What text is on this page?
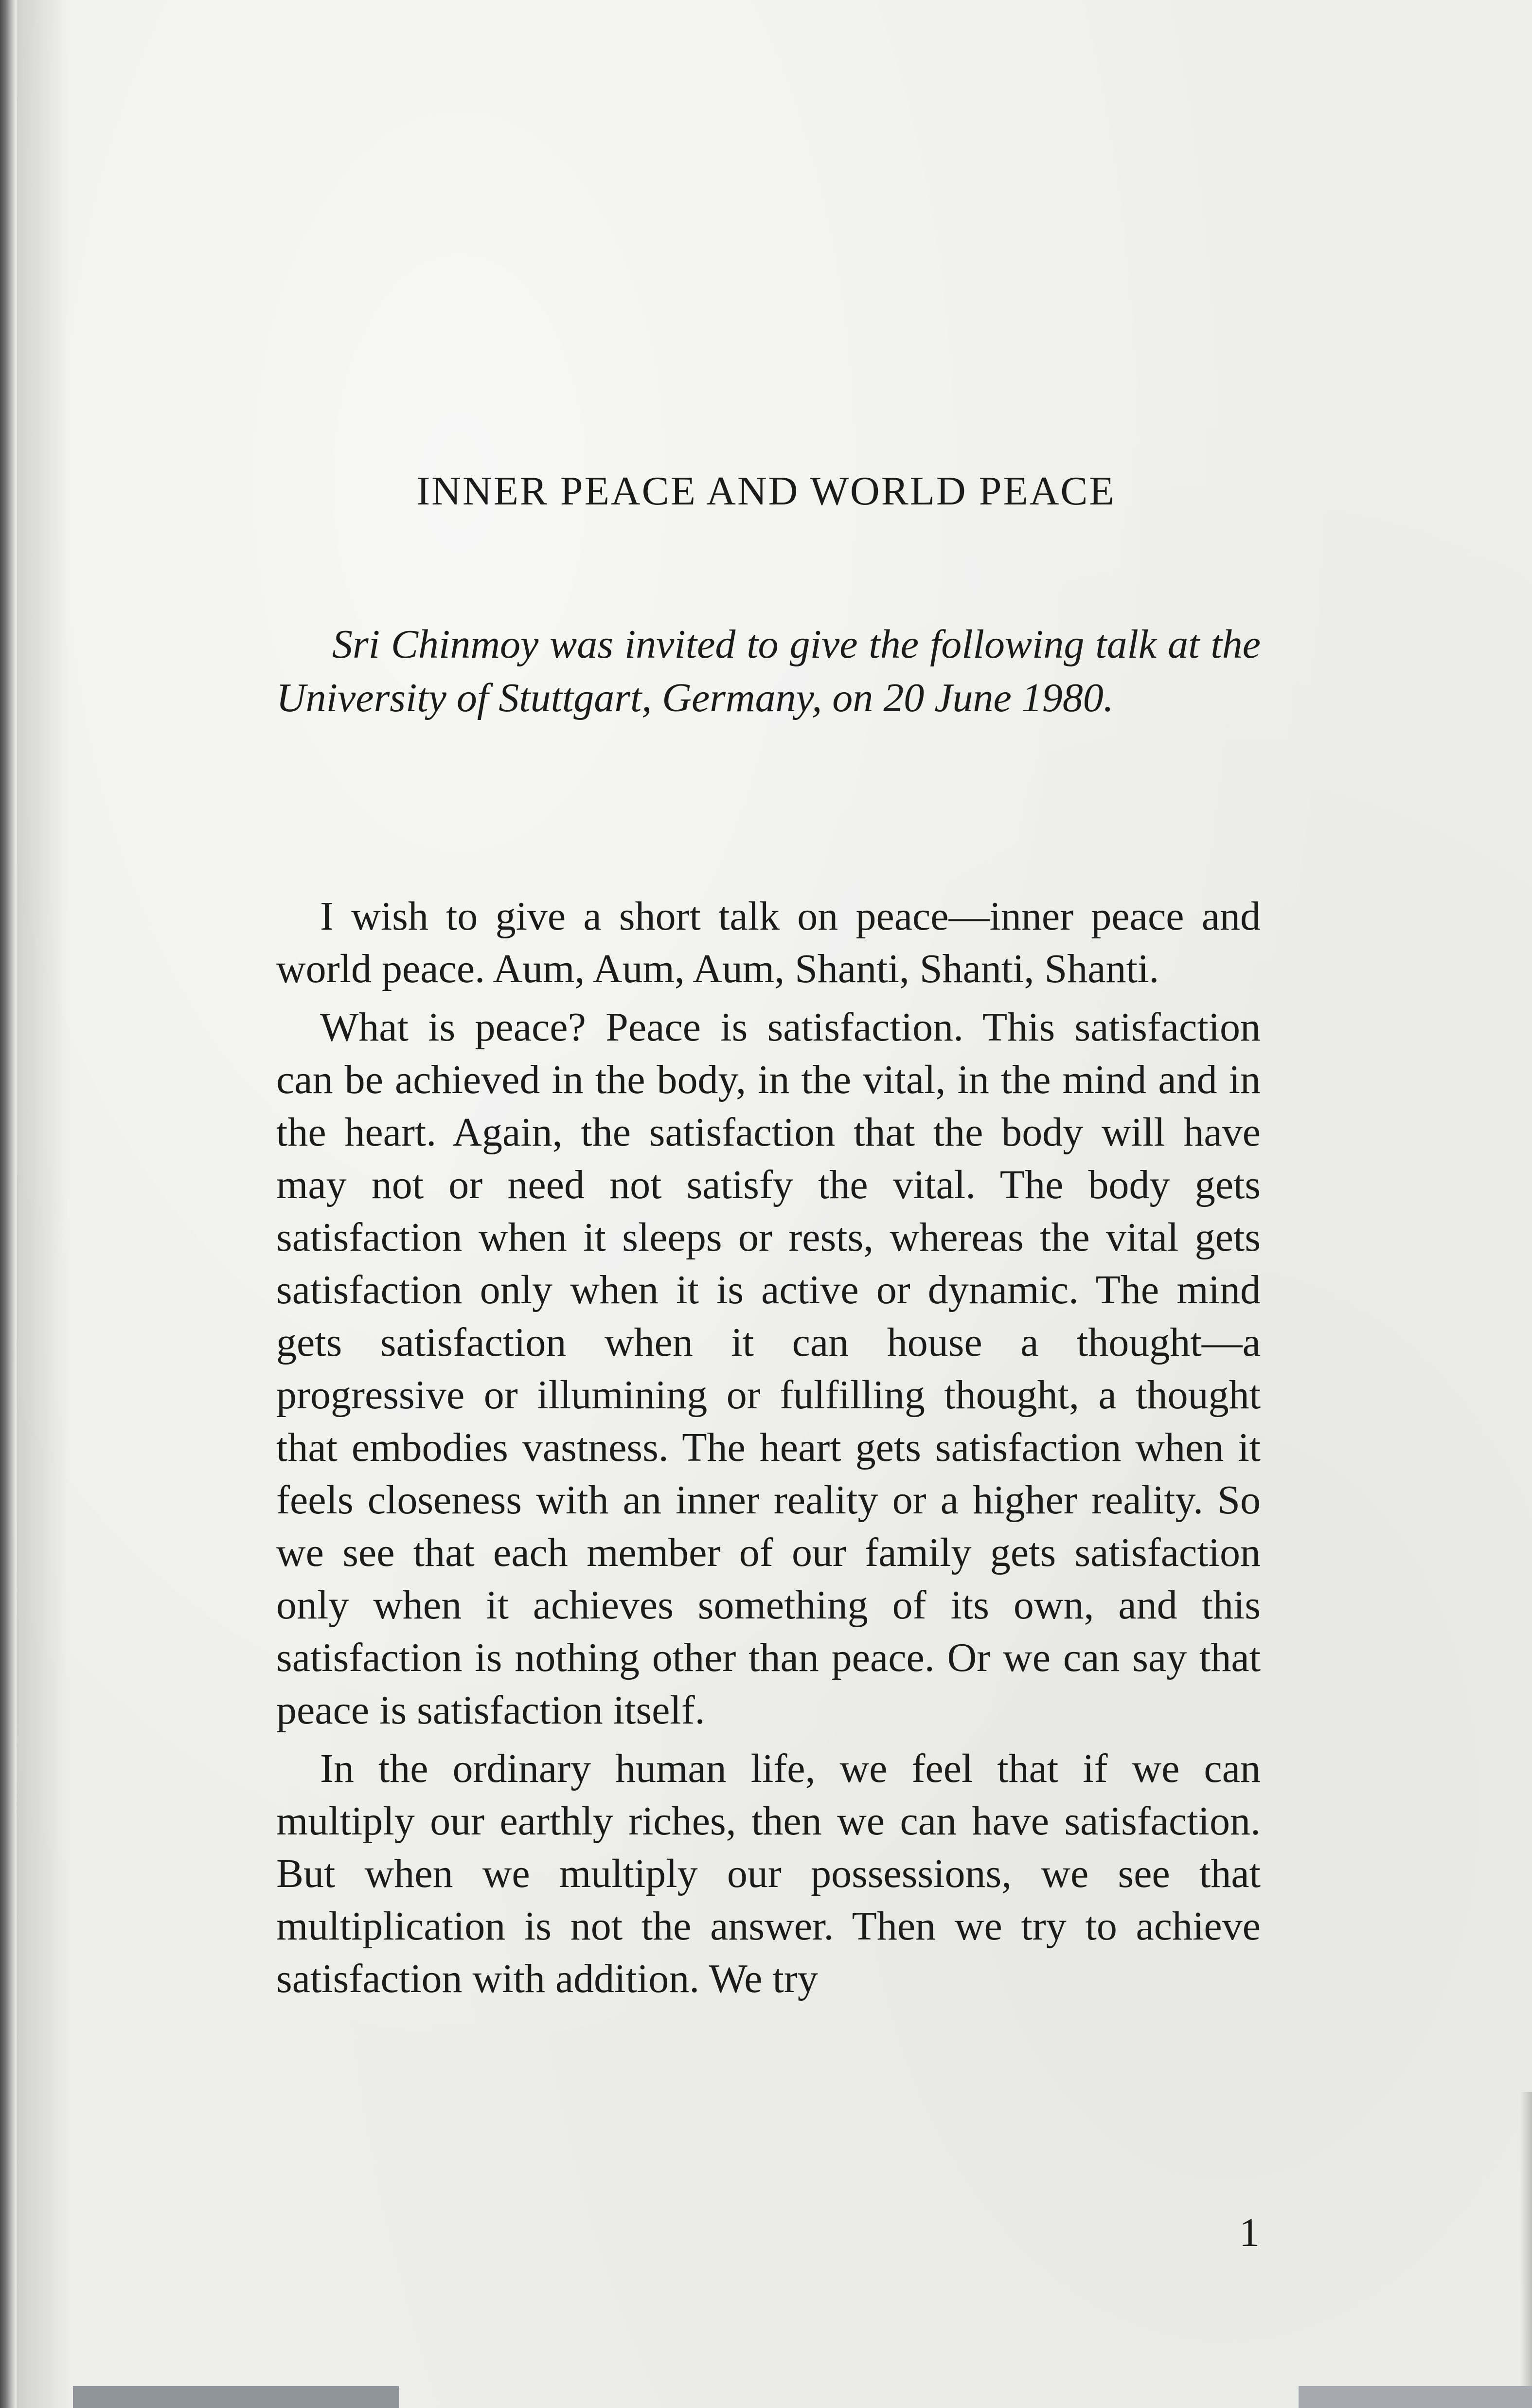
INNER PEACE AND WORLD PEACE

Sri Chinmoy was invited to give the following talk at the University of Stuttgart, Germany, on 20 June 1980.

I wish to give a short talk on peace—inner peace and world peace. Aum, Aum, Aum, Shanti, Shanti, Shanti.

What is peace? Peace is satisfaction. This satisfaction can be achieved in the body, in the vital, in the mind and in the heart. Again, the satisfaction that the body will have may not or need not satisfy the vital. The body gets satisfaction when it sleeps or rests, whereas the vital gets satisfaction only when it is active or dynamic. The mind gets satisfaction when it can house a thought—a progressive or illumining or fulfilling thought, a thought that embodies vastness. The heart gets satisfaction when it feels closeness with an inner reality or a higher reality. So we see that each member of our family gets satisfaction only when it achieves something of its own, and this satisfaction is nothing other than peace. Or we can say that peace is satisfaction itself.

In the ordinary human life, we feel that if we can multiply our earthly riches, then we can have satisfaction. But when we multiply our possessions, we see that multiplication is not the answer. Then we try to achieve satisfaction with addition. We try

1
